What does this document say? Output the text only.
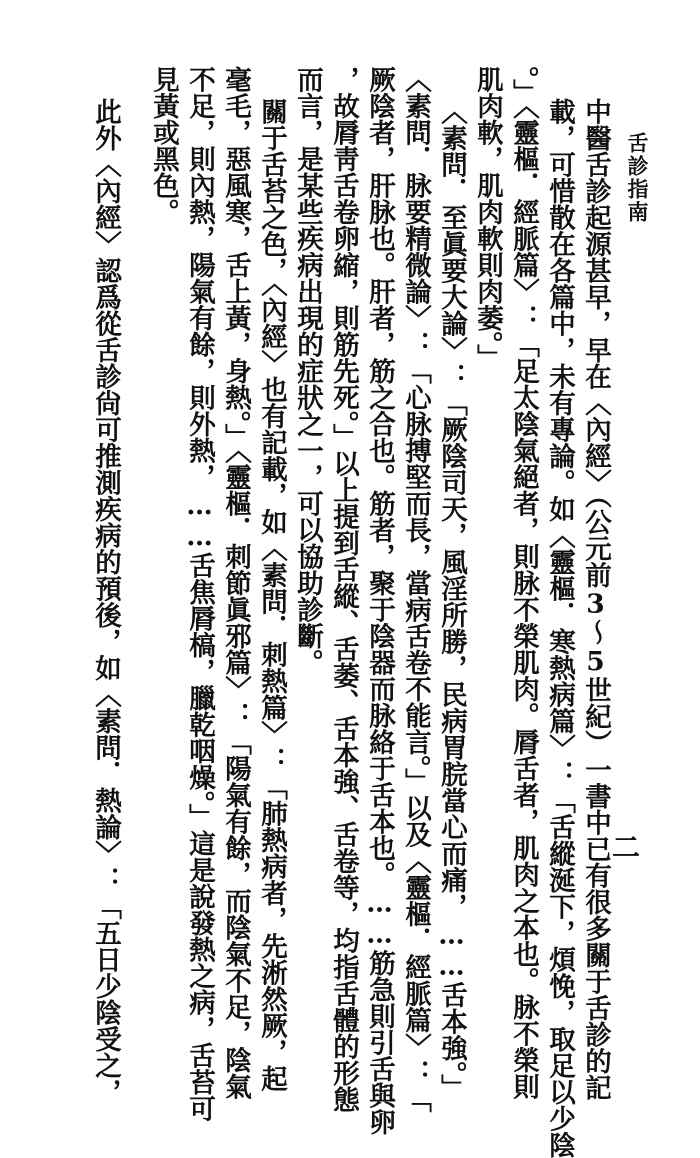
舌診指南
二
中醫舌診起源甚早，早在〈內經〉（公元前3〜5世紀）一書中已有很多關于舌診的記
載，可惜散在各篇中，未有專論。如〈靈樞．寒熱病篇〉：「舌縱涎下，煩悗，取足以少陰
。」〈靈樞．經脈篇〉：「足太陰氣絕者，則脉不榮肌肉。脣舌者，肌肉之本也。脉不榮則
肌肉軟，肌肉軟則肉萎。」
〈素問．至眞要大論〉：「厥陰司天，風淫所勝，民病胃脘當心而痛，……舌本強。」
〈素問．脉要精微論〉：「心脉搏堅而長，當病舌卷不能言。」以及〈靈樞．經脈篇〉：「
厥陰者，肝脉也。肝者，筋之合也。筋者，聚于陰器而脉絡于舌本也。……筋急則引舌與卵
，故脣靑舌卷卵縮，則筋先死。」以上提到舌縱、舌萎、舌本強、舌卷等，均指舌體的形態
而言，是某些疾病出現的症狀之一，可以協助診斷。
關于舌苔之色，〈內經〉也有記載，如〈素問．刺熱篇〉：「肺熱病者，先淅然厥，起
毫毛，惡風寒，舌上黃，身熱。」〈靈樞．刺節眞邪篇〉：「陽氣有餘，而陰氣不足，陰氣
不足，則內熱，陽氣有餘，則外熱，……舌焦脣槁，臘乾咽燥。」這是說發熱之病，舌苔可
見黃或黑色。
此外〈內經〉認爲從舌診尙可推測疾病的預後，如〈素問．熱論〉：「五日少陰受之，
